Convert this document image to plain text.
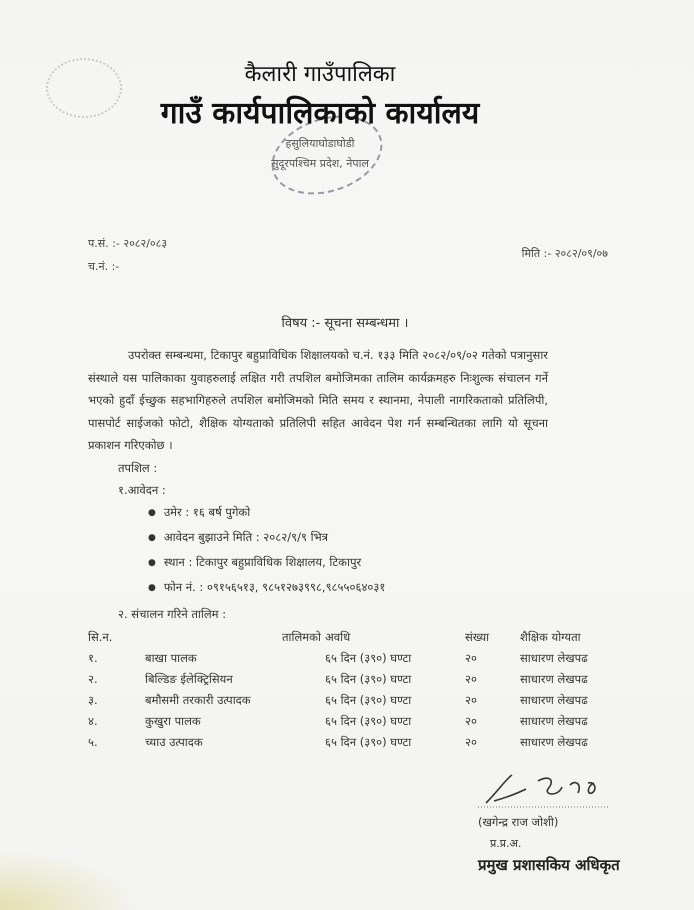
कैलारी गाउँपालिका
गाउँ कार्यपालिकाको कार्यालय
हसुलियाघोडाघोडी
सुदूरपश्चिम प्रदेश, नेपाल
प.सं. :- २०८२/०८३
च.नं. :-
मिति :- २०८२/०९/०७
विषय :- सूचना सम्बन्धमा ।
उपरोक्त सम्बन्धमा, टिकापुर बहुप्राविधिक शिक्षालयको च.नं. १३३ मिति २०८२/०९/०२ गतेको पत्रानुसार संस्थाले यस पालिकाका युवाहरुलाई लक्षित गरी तपशिल बमोजिमका तालिम कार्यक्रमहरु निःशुल्क संचालन गर्ने भएको हुदाँ ईच्छुक सहभागिहरुले तपशिल बमोजिमको मिति समय र स्थानमा, नेपाली नागरिकताको प्रतिलिपी, पासपोर्ट साईजको फोटो, शैक्षिक योग्यताको प्रतिलिपी सहित आवेदन पेश गर्न सम्बन्धितका लागि यो सूचना प्रकाशन गरिएकोछ ।
तपशिल :
१.आवेदन :
● उमेर : १६ बर्ष पुगेको
● आवेदन बुझाउने मिति : २०८२/९/९ भित्र
● स्थान : टिकापुर बहुप्राविधिक शिक्षालय, टिकापुर
● फोन नं. : ०९१५६५१३, ९८५१२७३९९८,९८५५०६४०३१
२. संचालन गरिने तालिम :
सि.न.	तालिमको	अवधि	संख्या	शैक्षिक योग्यता
१.	बाखा पालक	६५ दिन (३९०) घण्टा	२०	साधारण लेखपढ
२.	बिल्डिङ ईलेक्ट्रिसियन	६५ दिन (३९०) घण्टा	२०	साधारण लेखपढ
३.	बमौसमी तरकारी उत्पादक	६५ दिन (३९०) घण्टा	२०	साधारण लेखपढ
४.	कुखुरा पालक	६५ दिन (३९०) घण्टा	२०	साधारण लेखपढ
५.	च्याउ उत्पादक	६५ दिन (३९०) घण्टा	२०	साधारण लेखपढ
(खगेन्द्र राज जोशी)
प्र.प्र.अ.
प्रमुख प्रशासकिय अधिकृत
